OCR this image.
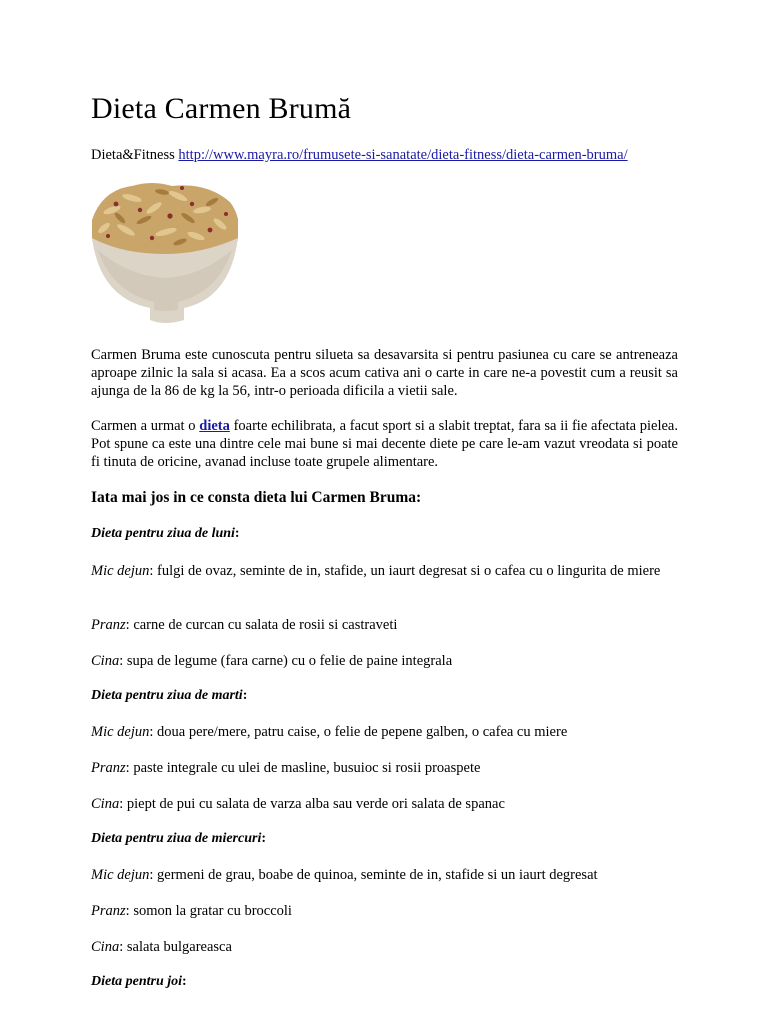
Dieta Carmen Brumă
Dieta&Fitness http://www.mayra.ro/frumusete-si-sanatate/dieta-fitness/dieta-carmen-bruma/
Carmen Bruma este cunoscuta pentru silueta sa desavarsita si pentru pasiunea cu care se antreneaza aproape zilnic la sala si acasa. Ea a scos acum cativa ani o carte in care ne-a povestit cum a reusit sa ajunga de la 86 de kg la 56, intr-o perioada dificila a vietii sale.
Carmen a urmat o dieta foarte echilibrata, a facut sport si a slabit treptat, fara sa ii fie afectata pielea. Pot spune ca este una dintre cele mai bune si mai decente diete pe care le-am vazut vreodata si poate fi tinuta de oricine, avanad incluse toate grupele alimentare.
Iata mai jos in ce consta dieta lui Carmen Bruma:
Dieta pentru ziua de luni:
Mic dejun: fulgi de ovaz, seminte de in, stafide, un iaurt degresat si o cafea cu o lingurita de miere
Pranz: carne de curcan cu salata de rosii si castraveti
Cina: supa de legume (fara carne) cu o felie de paine integrala
Dieta pentru ziua de marti:
Mic dejun: doua pere/mere, patru caise, o felie de pepene galben, o cafea cu miere
Pranz: paste integrale cu ulei de masline, busuioc si rosii proaspete
Cina: piept de pui cu salata de varza alba sau verde ori salata de spanac
Dieta pentru ziua de miercuri:
Mic dejun: germeni de grau, boabe de quinoa, seminte de in, stafide si un iaurt degresat
Pranz: somon la gratar cu broccoli
Cina: salata bulgareasca
Dieta pentru joi:
